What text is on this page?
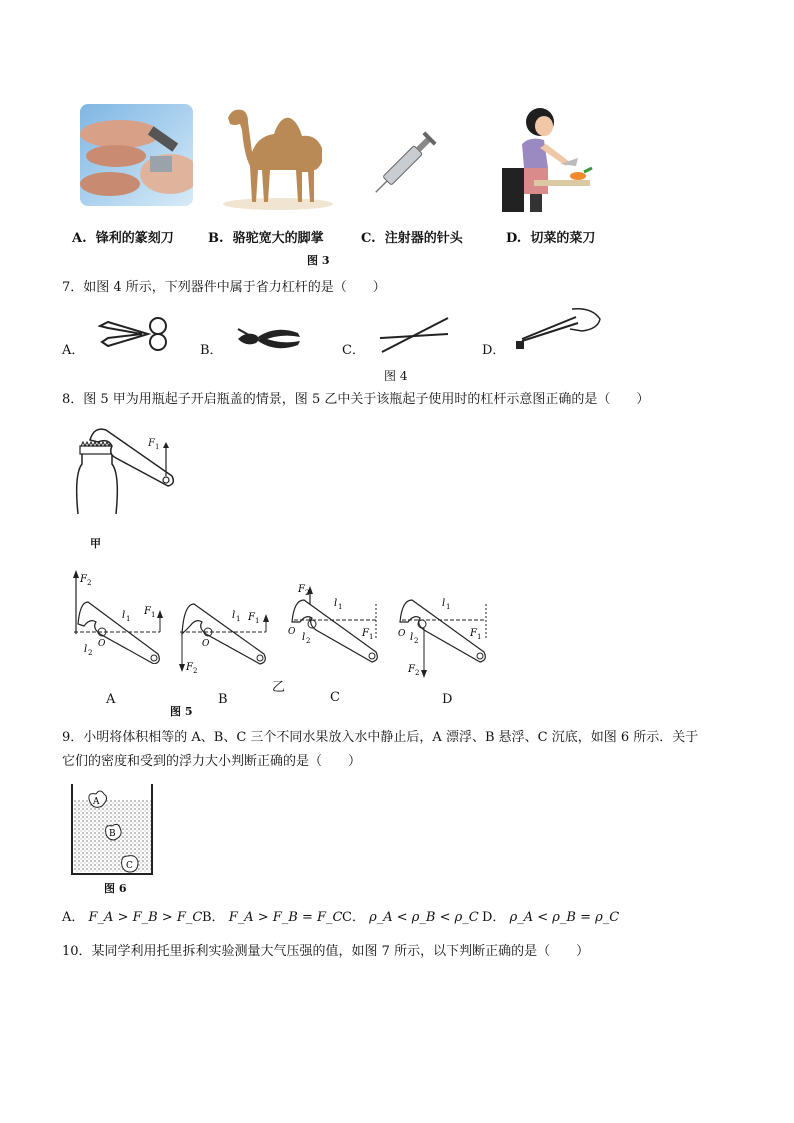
A. 锋利的篆刻刀	B. 骆驼宽大的脚掌	C. 注射器的针头	D. 切菜的菜刀
图 3
7．如图 4 所示，下列器件中属于省力杠杆的是（　　）
A．	B．	C．	D．
图 4
8．图 5 甲为用瓶起子开启瓶盖的情景，图 5 乙中关于该瓶起子使用时的杠杆示意图正确的是（　　）
F 1
甲
F 2
F 1
l 1
O
l 2
F 1
l 1
F 2
O
F 2
l 1
F 1
O l 2
l 1
F 1
O l 2
F 2
A	B
乙
C	D
图 5
9．小明将体积相等的 A、B、C 三个不同水果放入水中静止后，A 漂浮、B 悬浮、C 沉底，如图 6 所示．关于
它们的密度和受到的浮力大小判断正确的是（　　）
A
B
C
图 6
A． F_A > F_B > F_C B． F_A > F_B = F_C C． ρ_A < ρ_B < ρ_C D． ρ_A < ρ_B = ρ_C
10．某同学利用托里拆利实验测量大气压强的值，如图 7 所示，以下判断正确的是（　　）
